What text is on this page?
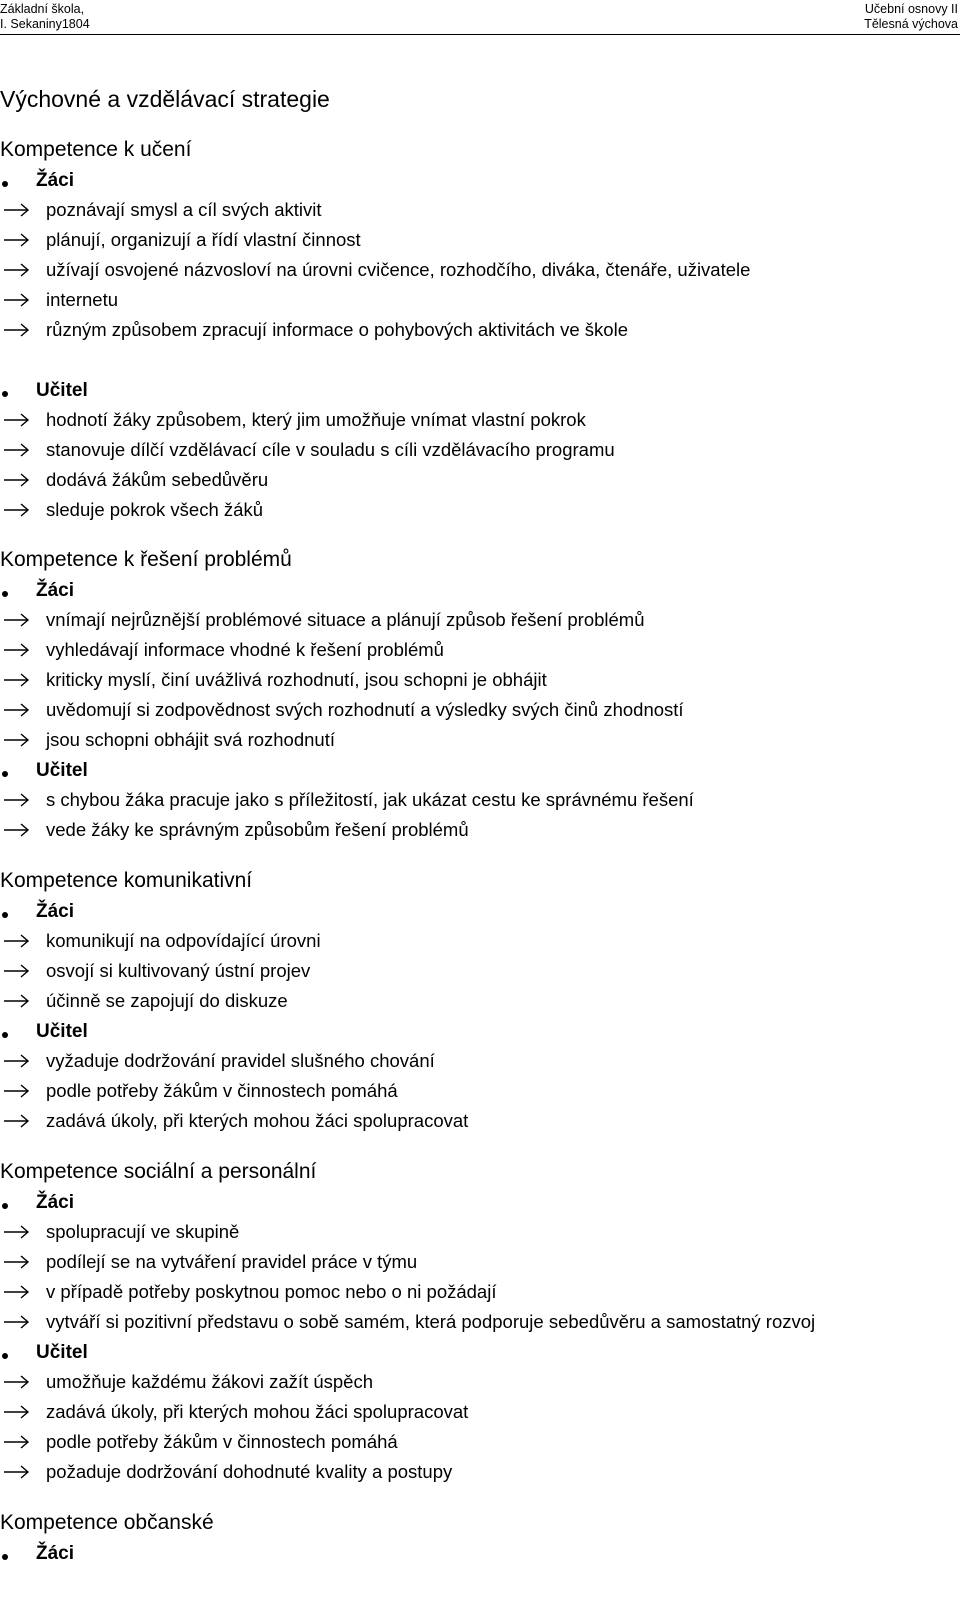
Základní škola,
I. Sekaniny1804
Učební osnovy II
Tělesná výchova
Výchovné a vzdělávací strategie
Kompetence k učení
Žáci
poznávají smysl a cíl svých aktivit
plánují, organizují a řídí vlastní činnost
užívají osvojené názvosloví na úrovni cvičence, rozhodčího, diváka, čtenáře, uživatele
internetu
různým způsobem zpracují informace o pohybových aktivitách ve škole
Učitel
hodnotí žáky způsobem, který jim umožňuje vnímat vlastní pokrok
stanovuje dílčí vzdělávací cíle v souladu s cíli vzdělávacího programu
dodává žákům sebedůvěru
sleduje pokrok všech žáků
Kompetence k řešení problémů
Žáci
vnímají nejrůznější problémové situace a plánují způsob řešení problémů
vyhledávají informace vhodné k řešení problémů
kriticky myslí, činí uvážlivá rozhodnutí, jsou schopni je obhájit
uvědomují si zodpovědnost svých rozhodnutí a výsledky svých činů zhodností
jsou schopni obhájit svá rozhodnutí
Učitel
s chybou žáka pracuje jako s příležitostí, jak ukázat cestu ke správnému řešení
vede žáky ke správným způsobům řešení problémů
Kompetence komunikativní
Žáci
komunikují na odpovídající úrovni
osvojí si kultivovaný ústní projev
účinně se zapojují do diskuze
Učitel
vyžaduje dodržování pravidel slušného chování
podle potřeby žákům v činnostech pomáhá
zadává úkoly, při kterých mohou žáci spolupracovat
Kompetence sociální a personální
Žáci
spolupracují ve skupině
podílejí se na vytváření pravidel práce v týmu
v případě potřeby poskytnou pomoc nebo o ni požádají
vytváří si pozitivní představu o sobě samém, která podporuje sebedůvěru a samostatný rozvoj
Učitel
umožňuje každému žákovi zažít úspěch
zadává úkoly, při kterých mohou žáci spolupracovat
podle potřeby žákům v činnostech pomáhá
požaduje dodržování dohodnuté kvality a postupy
Kompetence občanské
Žáci
